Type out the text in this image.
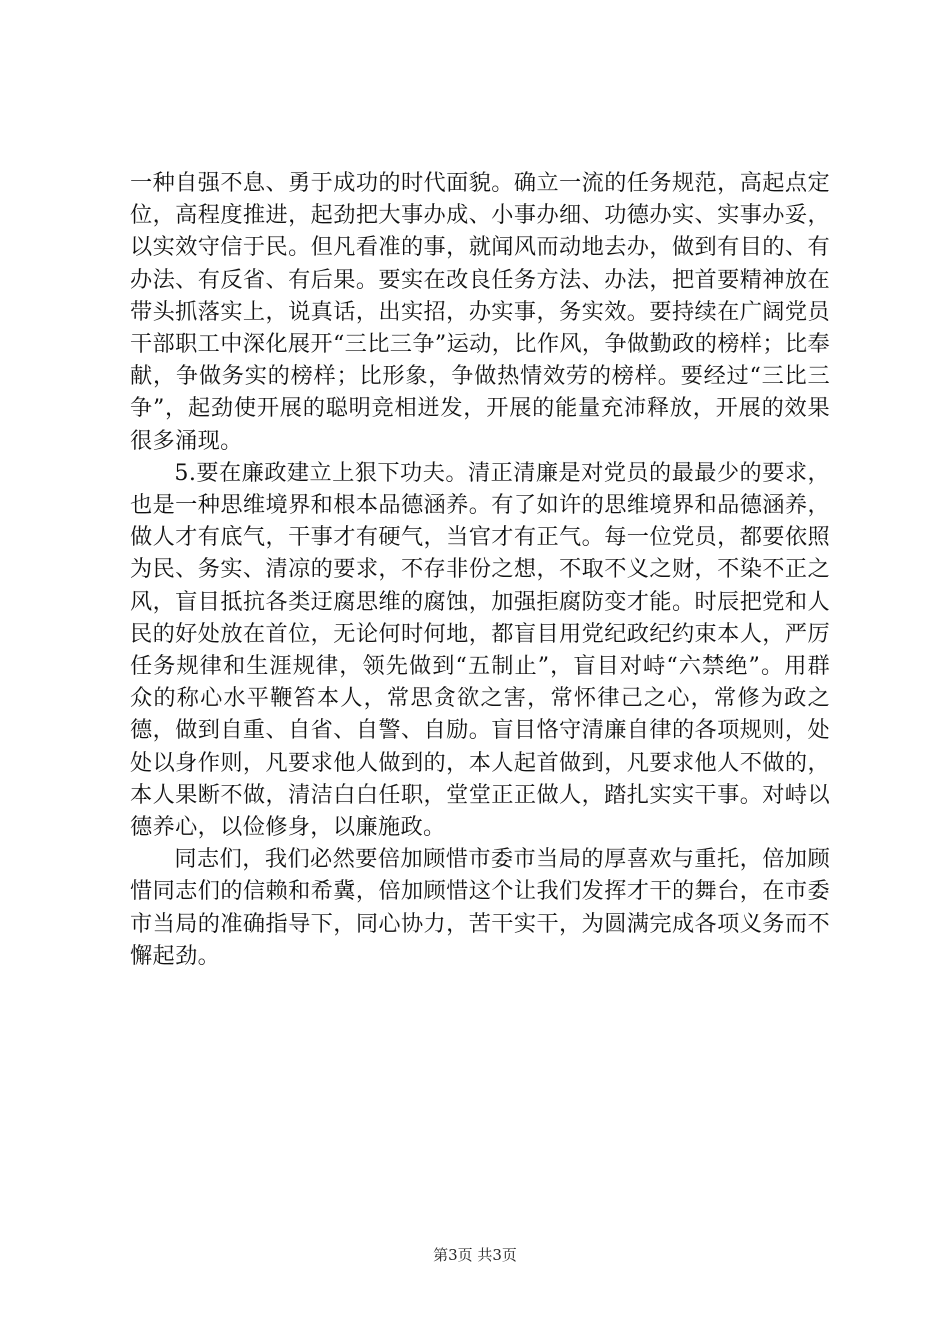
一种自强不息、勇于成功的时代面貌。确立一流的任务规范，高起点定位，高程度推进，起劲把大事办成、小事办细、功德办实、实事办妥，以实效守信于民。但凡看准的事，就闻风而动地去办，做到有目的、有办法、有反省、有后果。要实在改良任务方法、办法，把首要精神放在带头抓落实上，说真话，出实招，办实事，务实效。要持续在广阔党员干部职工中深化展开“三比三争”运动，比作风，争做勤政的榜样；比奉献，争做务实的榜样；比形象，争做热情效劳的榜样。要经过“三比三争”，起劲使开展的聪明竞相迸发，开展的能量充沛释放，开展的效果很多涌现。

5.要在廉政建立上狠下功夫。清正清廉是对党员的最最少的要求，也是一种思维境界和根本品德涵养。有了如许的思维境界和品德涵养，做人才有底气，干事才有硬气，当官才有正气。每一位党员，都要依照为民、务实、清凉的要求，不存非份之想，不取不义之财，不染不正之风，盲目抵抗各类迂腐思维的腐蚀，加强拒腐防变才能。时辰把党和人民的好处放在首位，无论何时何地，都盲目用党纪政纪约束本人，严厉任务规律和生涯规律，领先做到“五制止”，盲目对峙“六禁绝”。用群众的称心水平鞭笞本人，常思贪欲之害，常怀律己之心，常修为政之德，做到自重、自省、自警、自励。盲目恪守清廉自律的各项规则，处处以身作则，凡要求他人做到的，本人起首做到，凡要求他人不做的，本人果断不做，清洁白白任职，堂堂正正做人，踏扎实实干事。对峙以德养心，以俭修身，以廉施政。

同志们，我们必然要倍加顾惜市委市当局的厚喜欢与重托，倍加顾惜同志们的信赖和希冀，倍加顾惜这个让我们发挥才干的舞台，在市委市当局的准确指导下，同心协力，苦干实干，为圆满完成各项义务而不懈起劲。

第3页 共3页
